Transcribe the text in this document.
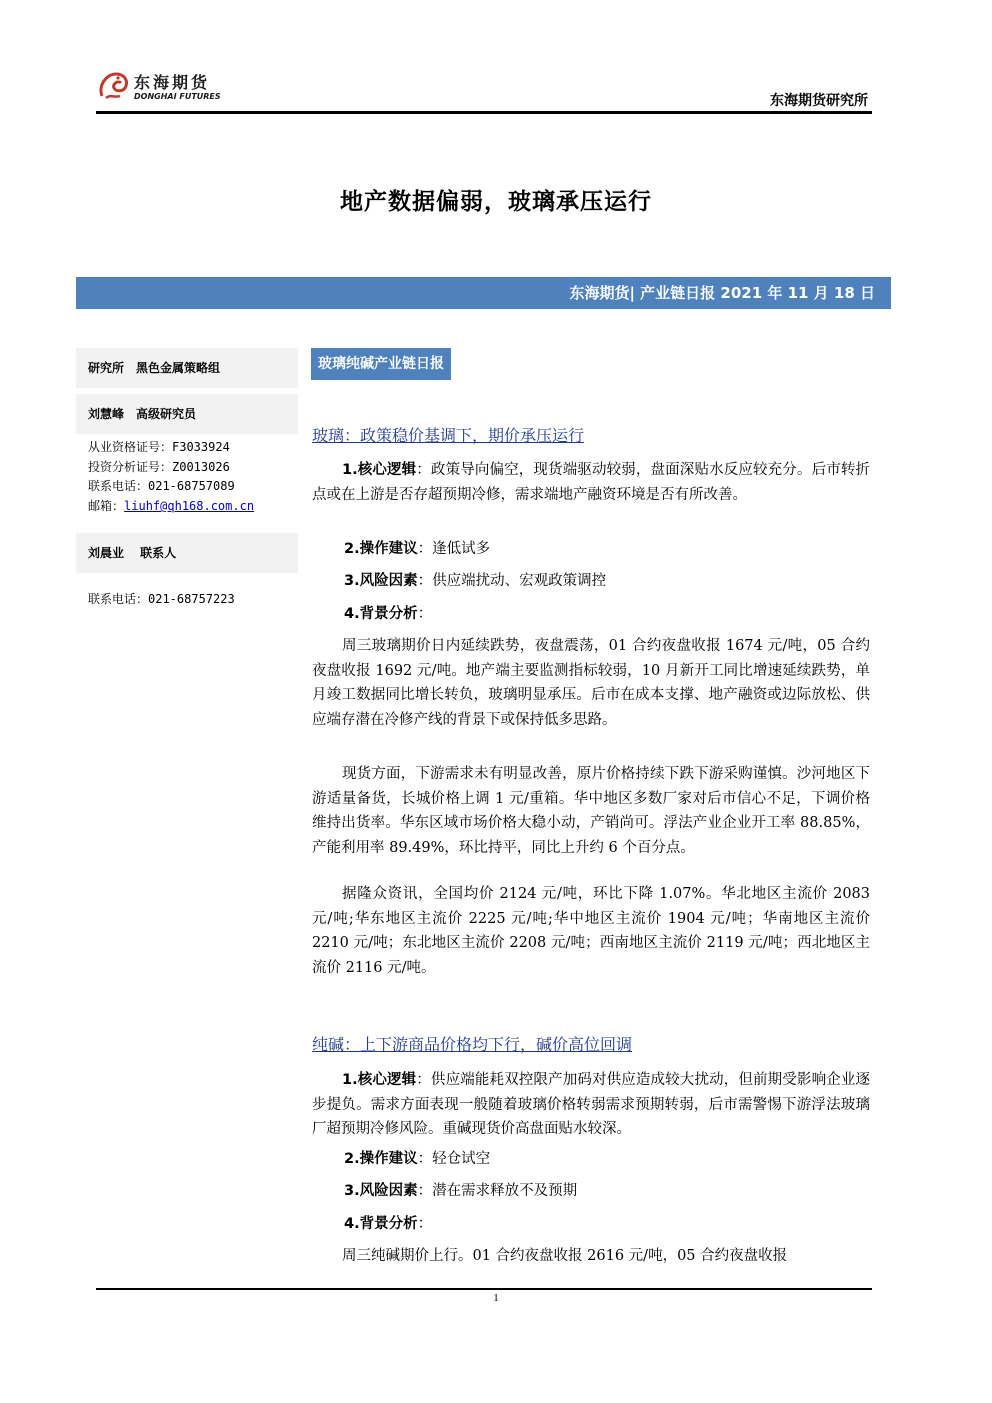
东海期货
DONGHAI FUTURES	东海期货研究所
地产数据偏弱，玻璃承压运行
东海期货| 产业链日报 2021 年 11 月 18 日
研究所　黑色金属策略组
刘慧峰　高级研究员
从业资格证号：F3033924
投资分析证号：Z0013026
联系电话：021-68757089
邮箱：liuhf@qh168.com.cn
刘晨业　 联系人
联系电话：021-68757223
玻璃纯碱产业链日报
玻璃：政策稳价基调下，期价承压运行
1.核心逻辑：政策导向偏空，现货端驱动较弱，盘面深贴水反应较充分。后市转折点或在上游是否存超预期冷修，需求端地产融资环境是否有所改善。
2.操作建议：逢低试多
3.风险因素：供应端扰动、宏观政策调控
4.背景分析：
周三玻璃期价日内延续跌势，夜盘震荡，01 合约夜盘收报 1674 元/吨，05 合约夜盘收报 1692 元/吨。地产端主要监测指标较弱，10 月新开工同比增速延续跌势，单月竣工数据同比增长转负，玻璃明显承压。后市在成本支撑、地产融资或边际放松、供应端存潜在冷修产线的背景下或保持低多思路。
现货方面，下游需求未有明显改善，原片价格持续下跌下游采购谨慎。沙河地区下游适量备货，长城价格上调 1 元/重箱。华中地区多数厂家对后市信心不足，下调价格维持出货率。华东区域市场价格大稳小动，产销尚可。浮法产业企业开工率 88.85%，产能利用率 89.49%，环比持平，同比上升约 6 个百分点。
据隆众资讯，全国均价 2124 元/吨，环比下降 1.07%。华北地区主流价 2083 元/吨;华东地区主流价 2225 元/吨;华中地区主流价 1904 元/吨；华南地区主流价 2210 元/吨；东北地区主流价 2208 元/吨；西南地区主流价 2119 元/吨；西北地区主流价 2116 元/吨。
纯碱：上下游商品价格均下行，碱价高位回调
1.核心逻辑：供应端能耗双控限产加码对供应造成较大扰动，但前期受影响企业逐步提负。需求方面表现一般随着玻璃价格转弱需求预期转弱，后市需警惕下游浮法玻璃厂超预期冷修风险。重碱现货价高盘面贴水较深。
2.操作建议：轻仓试空
3.风险因素：潜在需求释放不及预期
4.背景分析：
周三纯碱期价上行。01 合约夜盘收报 2616 元/吨，05 合约夜盘收报
1
